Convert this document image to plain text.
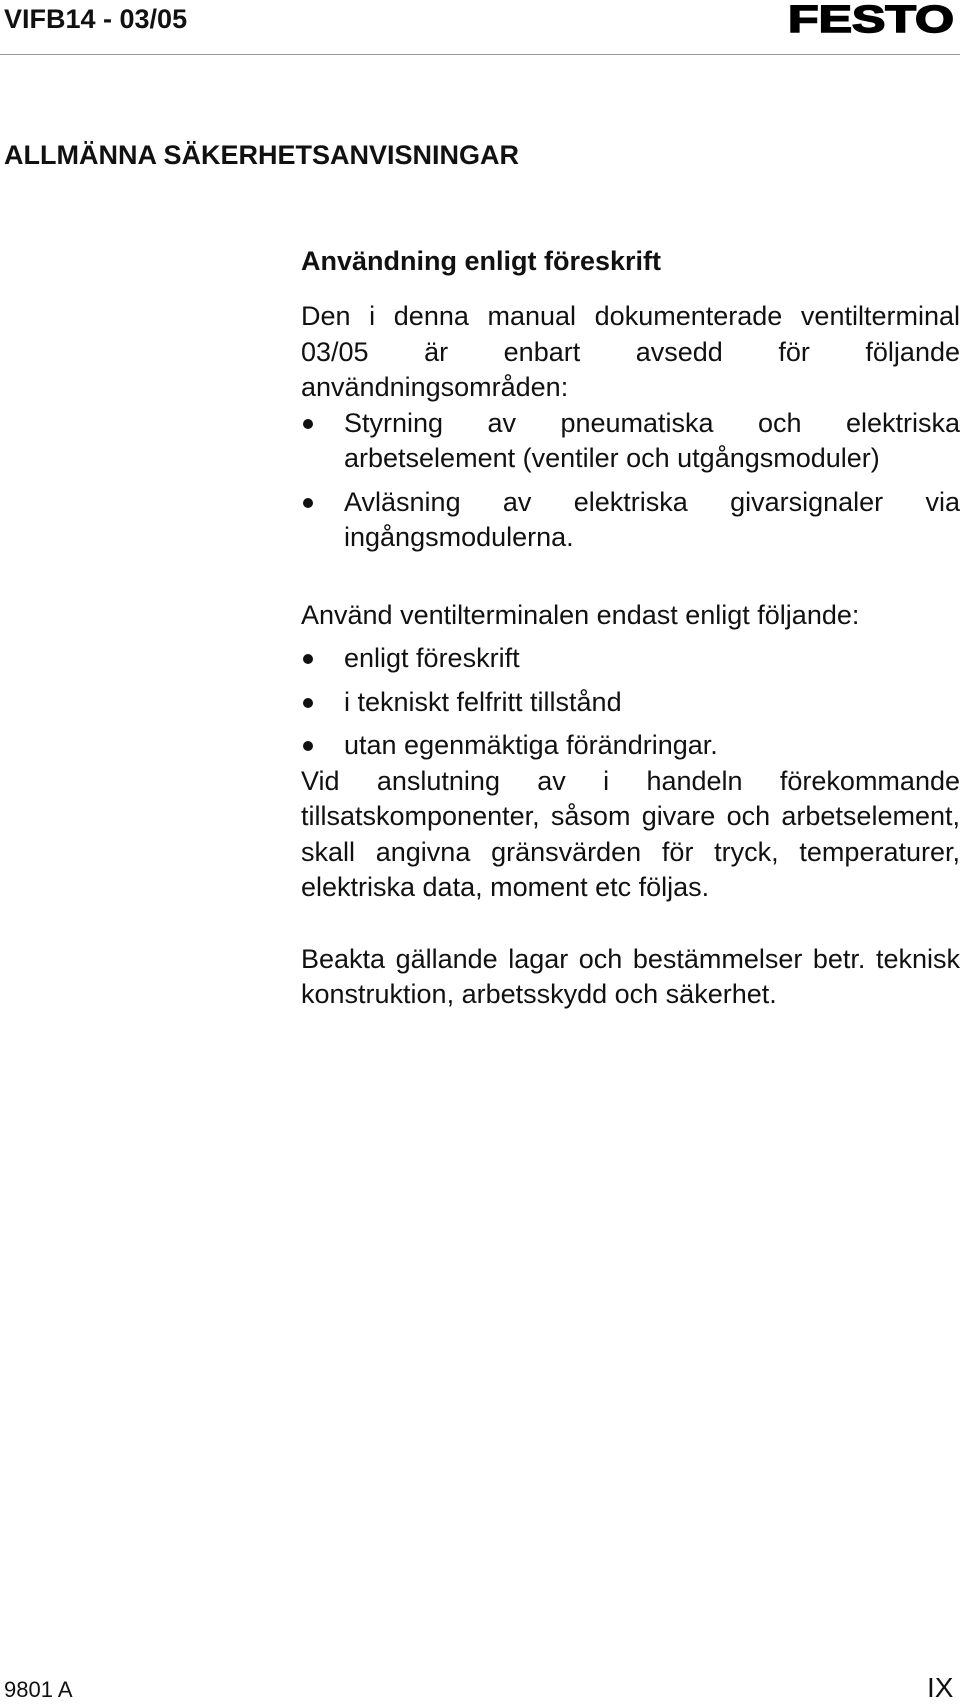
VIFB14 - 03/05	FESTO
ALLMÄNNA SÄKERHETSANVISNINGAR
Användning enligt föreskrift

Den i denna manual dokumenterade ventilterminal 03/05 är enbart avsedd för följande användningsområden:

Styrning av pneumatiska och elektriska arbetselement (ventiler och utgångsmoduler)
Avläsning av elektriska givarsignaler via ingångsmodulerna.

Använd ventilterminalen endast enligt följande:

enligt föreskrift
i tekniskt felfritt tillstånd
utan egenmäktiga förändringar.

Vid anslutning av i handeln förekommande tillsatskomponenter, såsom givare och arbetselement, skall angivna gränsvärden för tryck, temperaturer, elektriska data, moment etc följas.

Beakta gällande lagar och bestämmelser betr. teknisk konstruktion, arbetsskydd och säkerhet.

9801 A	IX
